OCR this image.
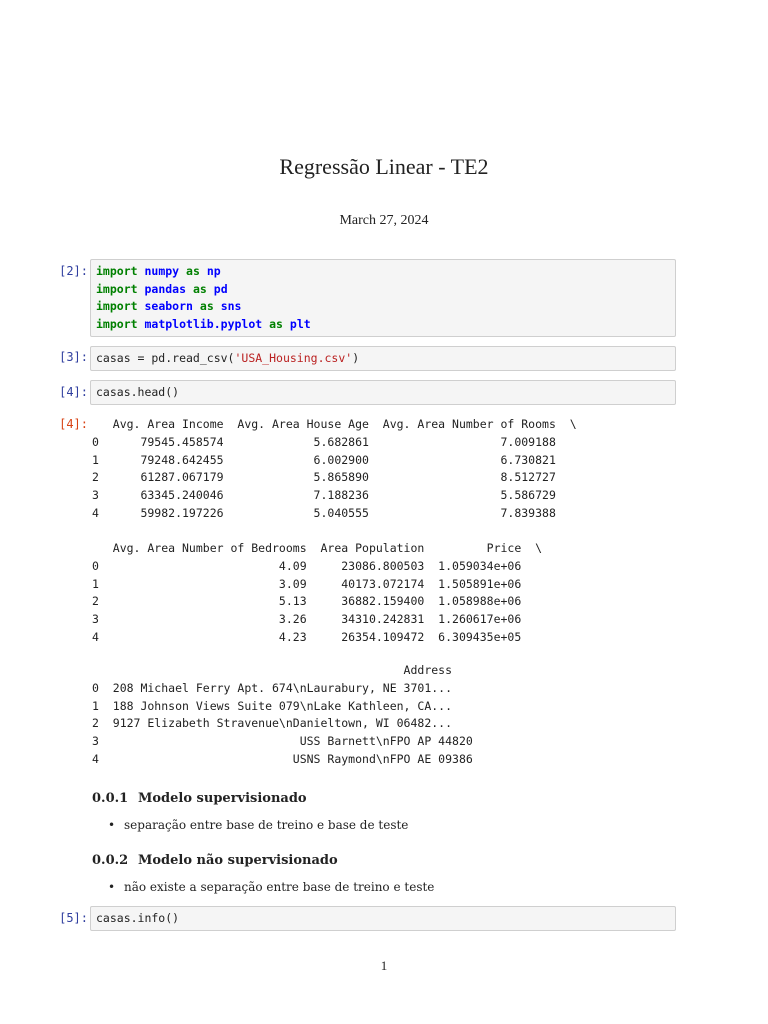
Regressão Linear - TE2
March 27, 2024
[2]: import numpy as np
import pandas as pd
import seaborn as sns
import matplotlib.pyplot as plt
[3]: casas = pd.read_csv('USA_Housing.csv')
[4]: casas.head()
[4]:	Avg. Area Income  Avg. Area House Age  Avg. Area Number of Rooms  \
0      79545.458574             5.682861                   7.009188
1      79248.642455             6.002900                   6.730821
2      61287.067179             5.865890                   8.512727
3      63345.240046             7.188236                   5.586729
4      59982.197226             5.040555                   7.839388
Avg. Area Number of Bedrooms  Area Population         Price  \
0                          4.09     23086.800503  1.059034e+06
1                          3.09     40173.072174  1.505891e+06
2                          5.13     36882.159400  1.058988e+06
3                          3.26     34310.242831  1.260617e+06
4                          4.23     26354.109472  6.309435e+05
Address
0  208 Michael Ferry Apt. 674\nLaurabury, NE 3701...
1  188 Johnson Views Suite 079\nLake Kathleen, CA...
2  9127 Elizabeth Stravenue\nDanieltown, WI 06482...
3                             USS Barnett\nFPO AP 44820
4                            USNS Raymond\nFPO AE 09386
0.0.1 Modelo supervisionado
• separação entre base de treino e base de teste
0.0.2 Modelo não supervisionado
• não existe a separação entre base de treino e teste
[5]: casas.info()
1
